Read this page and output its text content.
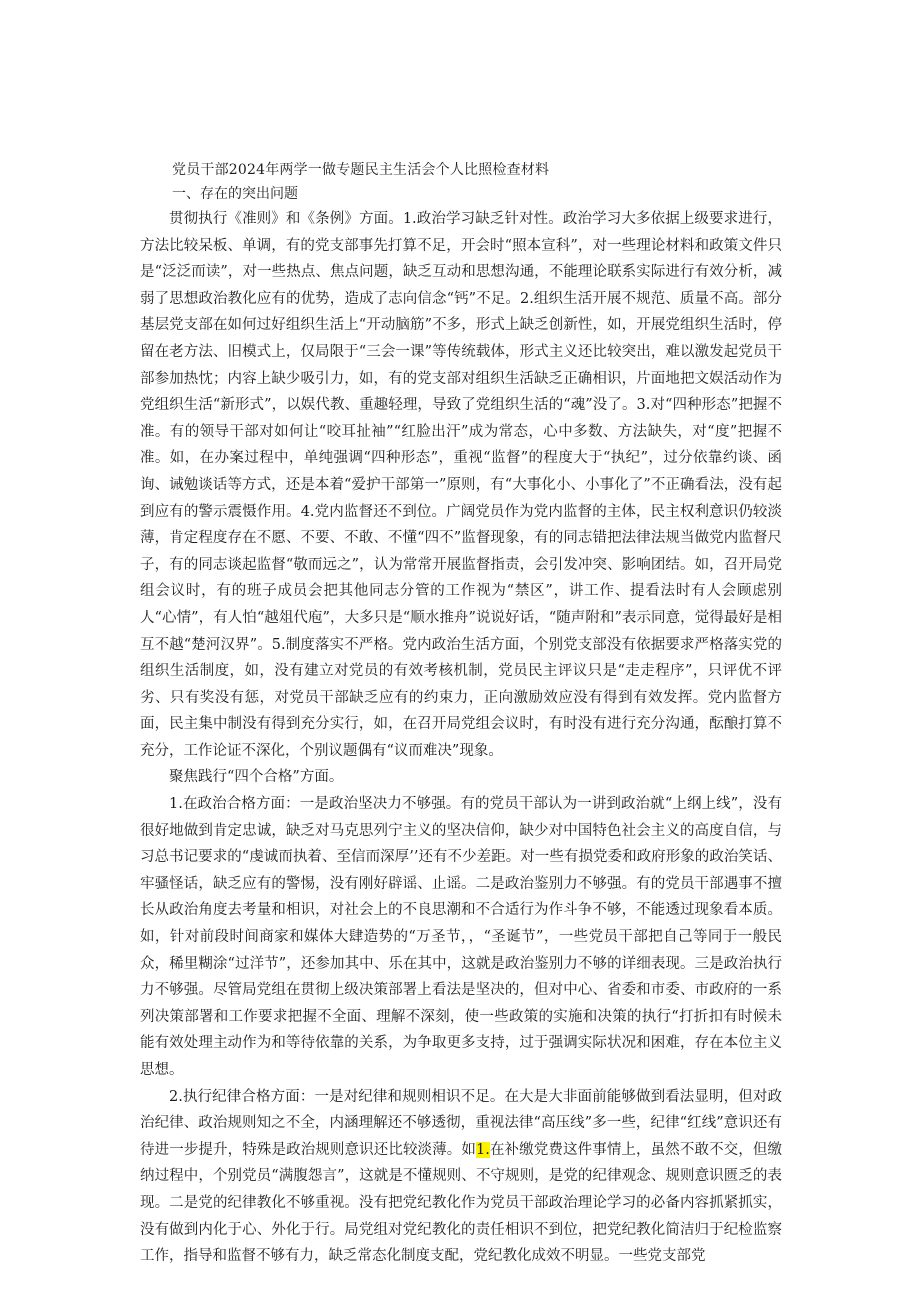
党员干部2024年两学一做专题民主生活会个人比照检查材料
一、存在的突出问题

贯彻执行《准则》和《条例》方面。1.政治学习缺乏针对性。政治学习大多依据上级要求进行，方法比较呆板、单调，有的党支部事先打算不足，开会时“照本宣科”，对一些理论材料和政策文件只是“泛泛而读”，对一些热点、焦点问题，缺乏互动和思想沟通，不能理论联系实际进行有效分析，减弱了思想政治教化应有的优势，造成了志向信念“钙”不足。2.组织生活开展不规范、质量不高。部分基层党支部在如何过好组织生活上“开动脑筋”不多，形式上缺乏创新性，如，开展党组织生活时，停留在老方法、旧模式上，仅局限于“三会一课”等传统载体，形式主义还比较突出，难以激发起党员干部参加热忱；内容上缺少吸引力，如，有的党支部对组织生活缺乏正确相识，片面地把文娱活动作为党组织生活“新形式”，以娱代教、重趣轻理，导致了党组织生活的“魂”没了。3.对“四种形态”把握不准。有的领导干部对如何让“咬耳扯袖”“红脸出汗”成为常态，心中多数、方法缺失，对“度”把握不准。如，在办案过程中，单纯强调“四种形态”，重视“监督”的程度大于“执纪”，过分依靠约谈、函询、诫勉谈话等方式，还是本着“爱护干部第一”原则，有“大事化小、小事化了”不正确看法，没有起到应有的警示震慑作用。4.党内监督还不到位。广阔党员作为党内监督的主体，民主权利意识仍较淡薄，肯定程度存在不愿、不要、不敢、不懂“四不”监督现象，有的同志错把法律法规当做党内监督尺子，有的同志谈起监督“敬而远之”，认为常常开展监督指责，会引发冲突、影响团结。如，召开局党组会议时，有的班子成员会把其他同志分管的工作视为“禁区”，讲工作、提看法时有人会顾虑别人“心情”，有人怕“越俎代庖”，大多只是“顺水推舟”说说好话，“随声附和”表示同意，觉得最好是相互不越“楚河汉界”。5.制度落实不严格。党内政治生活方面，个别党支部没有依据要求严格落实党的组织生活制度，如，没有建立对党员的有效考核机制，党员民主评议只是“走走程序”，只评优不评劣、只有奖没有惩，对党员干部缺乏应有的约束力，正向激励效应没有得到有效发挥。党内监督方面，民主集中制没有得到充分实行，如，在召开局党组会议时，有时没有进行充分沟通，酝酿打算不充分，工作论证不深化，个别议题偶有“议而难决”现象。

聚焦践行“四个合格”方面。

1.在政治合格方面：一是政治坚决力不够强。有的党员干部认为一讲到政治就“上纲上线”，没有很好地做到肯定忠诚，缺乏对马克思列宁主义的坚决信仰，缺少对中国特色社会主义的高度自信，与习总书记要求的“虔诚而执着、至信而深厚’’还有不少差距。对一些有损党委和政府形象的政治笑话、牢骚怪话，缺乏应有的警惕，没有刚好辟谣、止谣。二是政治鉴别力不够强。有的党员干部遇事不擅长从政治角度去考量和相识，对社会上的不良思潮和不合适行为作斗争不够，不能透过现象看本质。如，针对前段时间商家和媒体大肆造势的“万圣节，，“圣诞节”，一些党员干部把自己等同于一般民众，稀里糊涂“过洋节”，还参加其中、乐在其中，这就是政治鉴别力不够的详细表现。三是政治执行力不够强。尽管局党组在贯彻上级决策部署上看法是坚决的，但对中心、省委和市委、市政府的一系列决策部署和工作要求把握不全面、理解不深刻，使一些政策的实施和决策的执行“打折扣有时候未能有效处理主动作为和等待依靠的关系，为争取更多支持，过于强调实际状况和困难，存在本位主义思想。

2.执行纪律合格方面：一是对纪律和规则相识不足。在大是大非面前能够做到看法显明，但对政治纪律、政治规则知之不全，内涵理解还不够透彻，重视法律“高压线”多一些，纪律“红线”意识还有待进一步提升，特殊是政治规则意识还比较淡薄。如1.在补缴党费这件事情上，虽然不敢不交，但缴纳过程中，个别党员“满腹怨言”，这就是不懂规则、不守规则，是党的纪律观念、规则意识匮乏的表现。二是党的纪律教化不够重视。没有把党纪教化作为党员干部政治理论学习的必备内容抓紧抓实，没有做到内化于心、外化于行。局党组对党纪教化的责任相识不到位，把党纪教化简洁归于纪检监察工作，指导和监督不够有力，缺乏常态化制度支配，党纪教化成效不明显。一些党支部党
